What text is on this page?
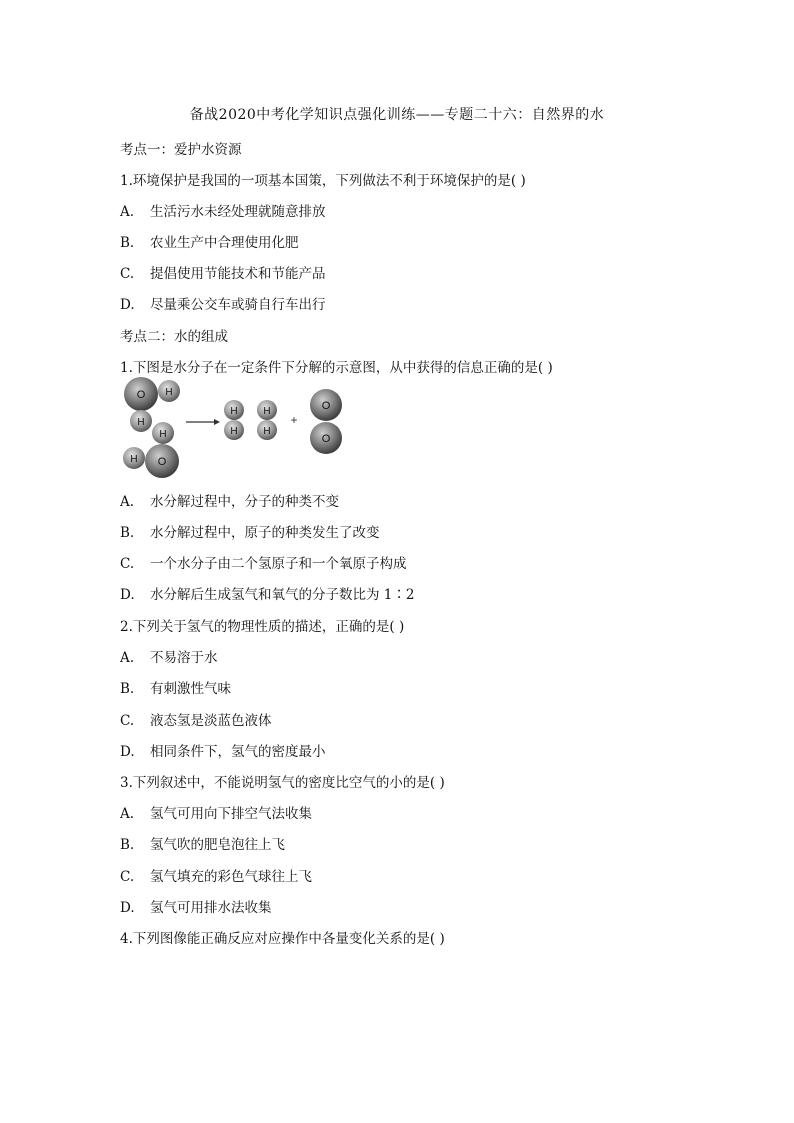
备战2020中考化学知识点强化训练——专题二十六：自然界的水
考点一：爱护水资源
1.环境保护是我国的一项基本国策，下列做法不利于环境保护的是( )
A. 生活污水未经处理就随意排放
B. 农业生产中合理使用化肥
C. 提倡使用节能技术和节能产品
D. 尽量乘公交车或骑自行车出行
考点二：水的组成
1.下图是水分子在一定条件下分解的示意图，从中获得的信息正确的是( )
O H
H
H
H O
H
H
H
H
+
O
O
A. 水分解过程中，分子的种类不变
B. 水分解过程中，原子的种类发生了改变
C. 一个水分子由二个氢原子和一个氧原子构成
D. 水分解后生成氢气和氧气的分子数比为 1∶2
2.下列关于氢气的物理性质的描述，正确的是( )
A. 不易溶于水
B. 有刺激性气味
C. 液态氢是淡蓝色液体
D. 相同条件下，氢气的密度最小
3.下列叙述中，不能说明氢气的密度比空气的小的是( )
A. 氢气可用向下排空气法收集
B. 氢气吹的肥皂泡往上飞
C. 氢气填充的彩色气球往上飞
D. 氢气可用排水法收集
4.下列图像能正确反应对应操作中各量变化关系的是( )
